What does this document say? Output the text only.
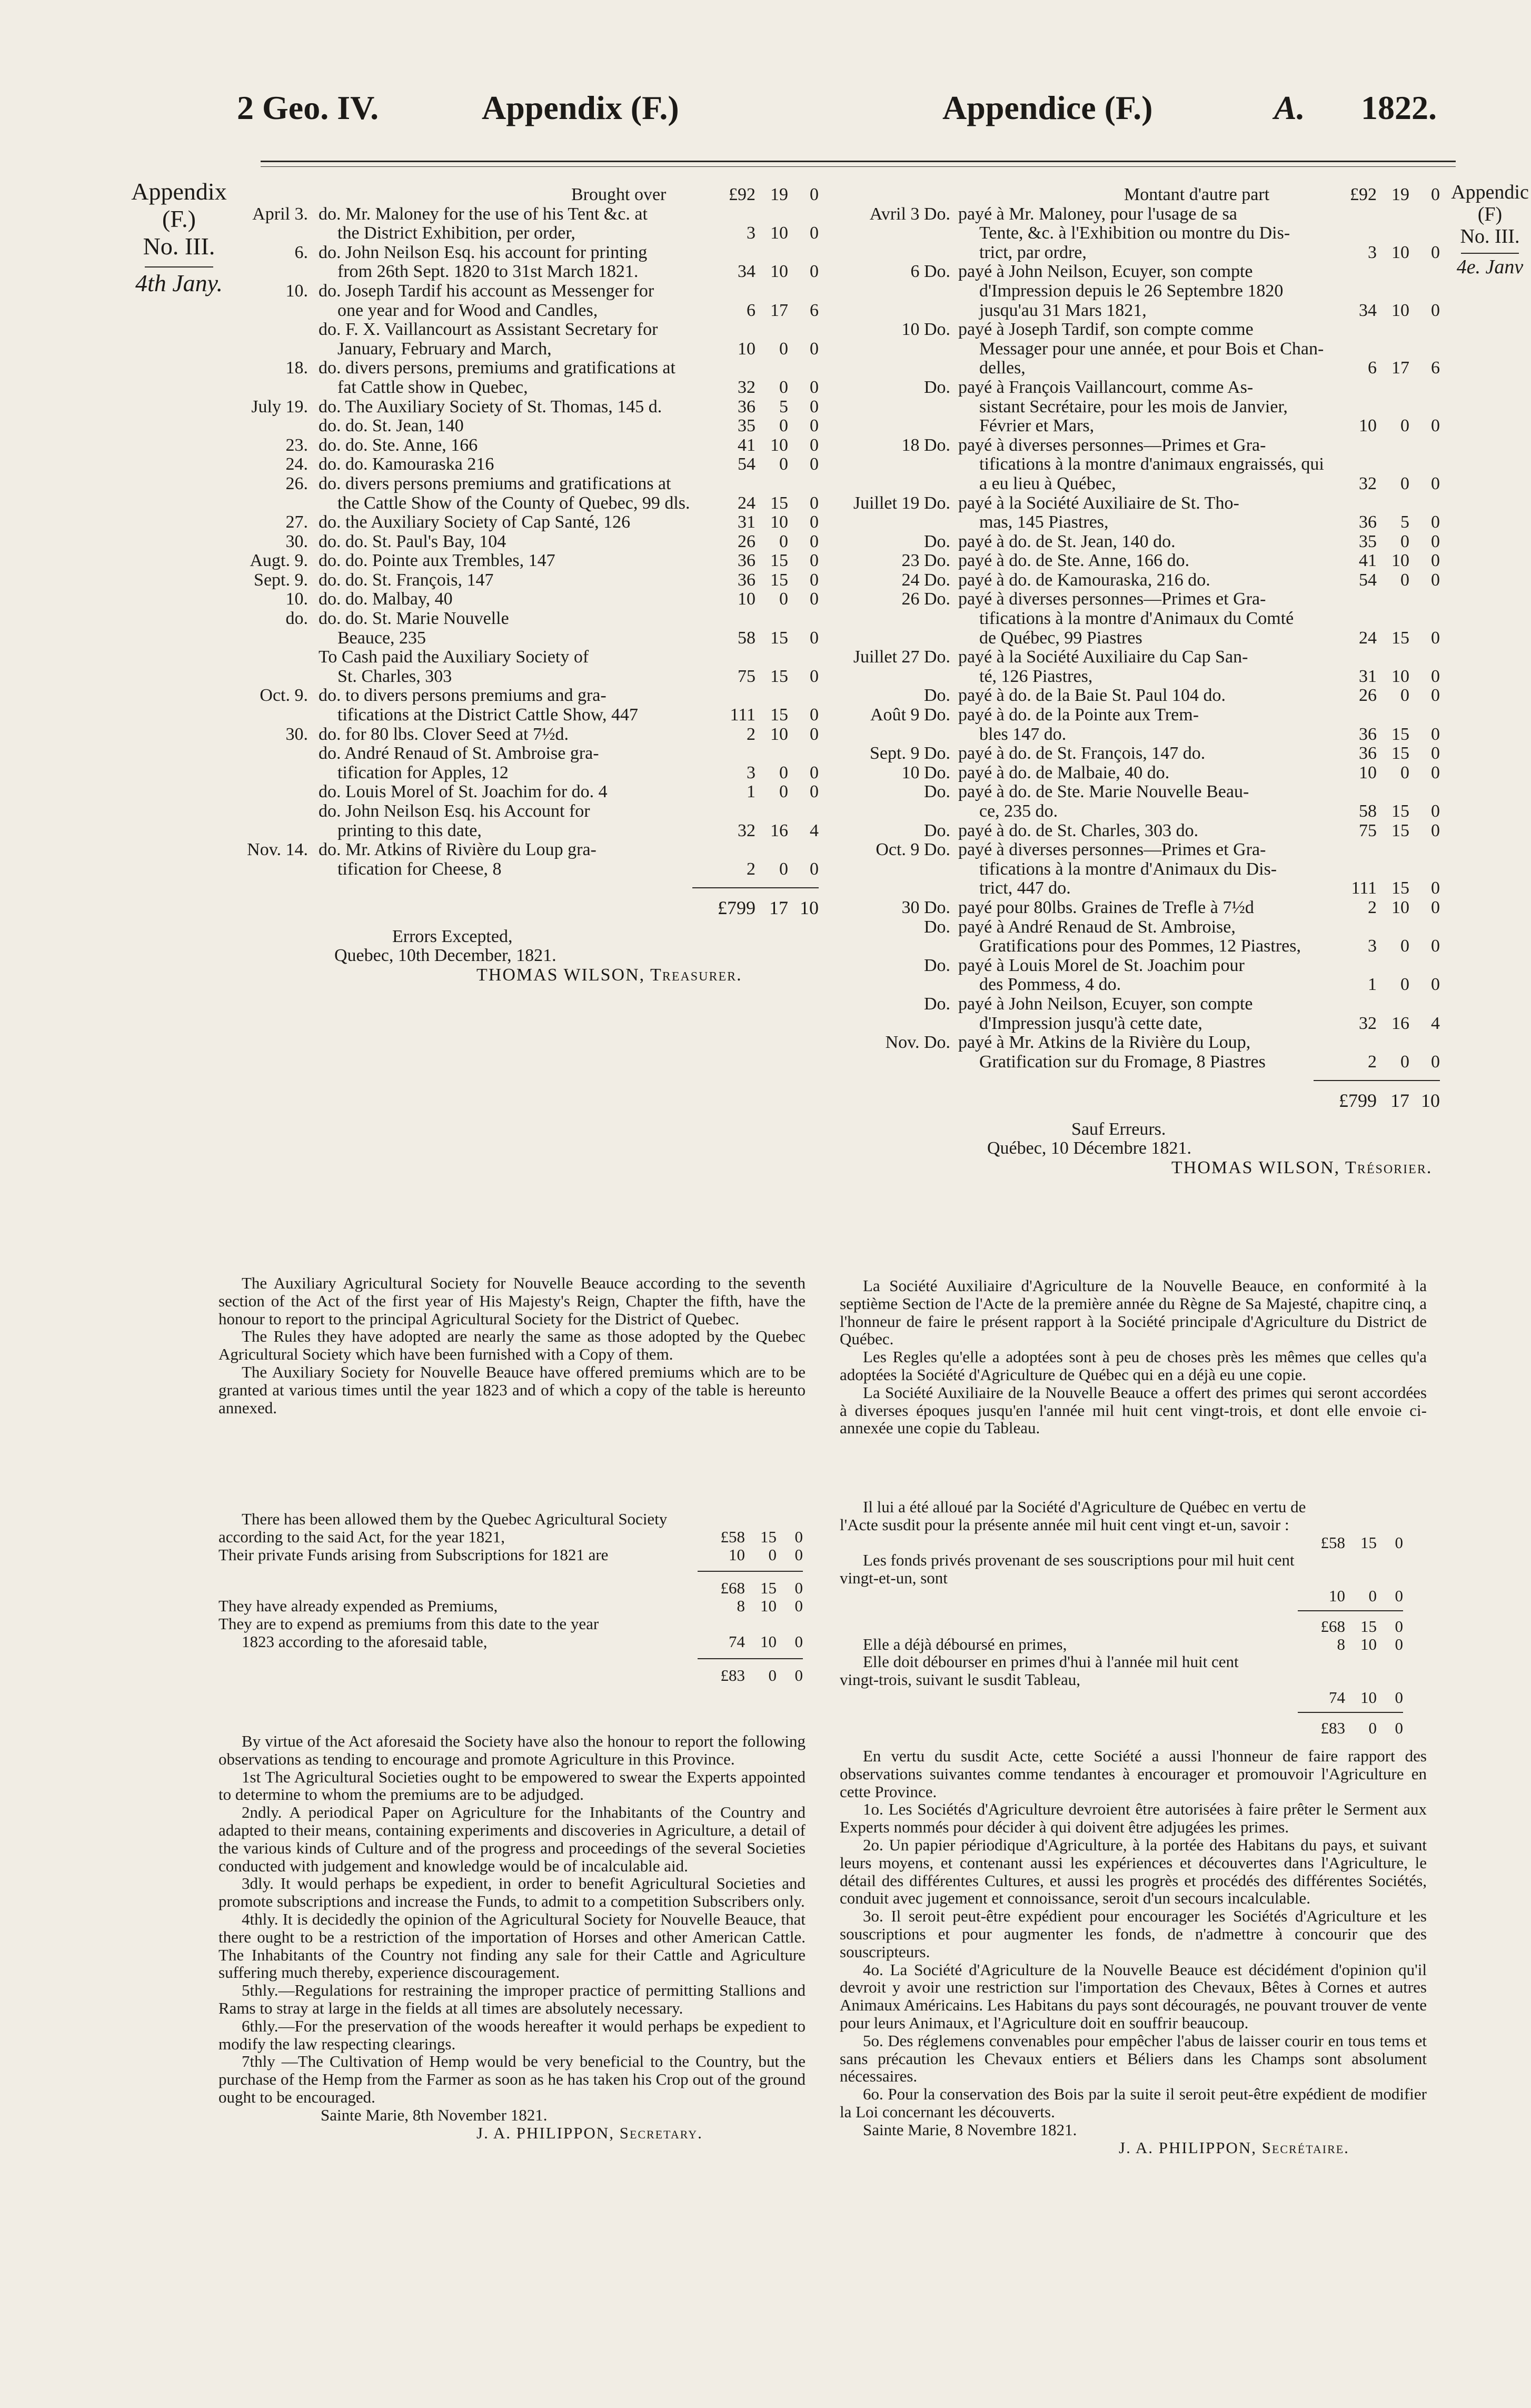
2 Geo. IV.	Appendix (F.)	Appendice (F.)	A. 1822.
Appendix
(F.)
No. III.
4th Jany.
Appendic
(F)
No. III.
4e. Janv
Brought over	£92 19	0
April 3. do. Mr. Maloney for the use of his Tent &c. at
the District Exhibition, per order,	3 10	0
6. do. John Neilson Esq. his account for printing
from 26th Sept. 1820 to 31st March 1821.	34 10	0
10. do. Joseph Tardif his account as Messenger for
one year and for Wood and Candles,	6 17	6
do. F. X. Vaillancourt as Assistant Secretary for
January, February and March,	10	0	0
18. do. divers persons, premiums and gratifications at
fat Cattle show in Quebec,	32	0	0
July 19. do. The Auxiliary Society of St. Thomas, 145 d.	36	5	0
do. do. St. Jean, 140	35	0	0
23. do. do. Ste. Anne, 166	41 10	0
24. do. do. Kamouraska 216	54	0	0
26. do. divers persons premiums and gratifications at
the Cattle Show of the County of Quebec, 99 dls.	24 15	0
27. do. the Auxiliary Society of Cap Santé, 126	31 10	0
30. do. do. St. Paul's Bay, 104	26	0	0
Augt. 9. do. do. Pointe aux Trembles, 147	36 15	0
Sept. 9. do. do. St. François, 147	36 15	0
10. do. do. Malbay, 40	10	0	0
do. do. do. St. Marie Nouvelle
Beauce, 235	58 15	0
To Cash paid the Auxiliary Society of
St. Charles, 303	75 15	0
Oct. 9. do. to divers persons premiums and gra-
tifications at the District Cattle Show, 447	111 15	0
30. do. for 80 lbs. Clover Seed at 7½d.	2 10	0
do. André Renaud of St. Ambroise gra-
tification for Apples, 12	3	0	0
do. Louis Morel of St. Joachim for do. 4	1	0	0
do. John Neilson Esq. his Account for
printing to this date,	32 16	4
Nov. 14. do. Mr. Atkins of Rivière du Loup gra-
tification for Cheese, 8	2	0	0
£799 17 10
Errors Excepted,
Quebec, 10th December, 1821.
THOMAS WILSON, Treasurer.
Montant d'autre part	£92 19	0
Avril 3 Do. payé à Mr. Maloney, pour l'usage de sa
Tente, &c. à l'Exhibition ou montre du Dis-
trict, par ordre,	3 10	0
6 Do. payé à John Neilson, Ecuyer, son compte
d'Impression depuis le 26 Septembre 1820
jusqu'au 31 Mars 1821,	34 10	0
10 Do. payé à Joseph Tardif, son compte comme
Messager pour une année, et pour Bois et Chan-
delles,	6 17	6
Do. payé à François Vaillancourt, comme As-
sistant Secrétaire, pour les mois de Janvier,
Février et Mars,	10	0	0
18 Do. payé à diverses personnes—Primes et Gra-
tifications à la montre d'animaux engraissés, qui
a eu lieu à Québec,	32	0	0
Juillet 19 Do. payé à la Société Auxiliaire de St. Tho-
mas, 145 Piastres,	36	5	0
Do. payé à do. de St. Jean, 140 do.	35	0	0
23 Do. payé à do. de Ste. Anne, 166 do.	41 10	0
24 Do. payé à do. de Kamouraska, 216 do.	54	0	0
26 Do. payé à diverses personnes—Primes et Gra-
tifications à la montre d'Animaux du Comté
de Québec, 99 Piastres	24 15	0
Juillet 27 Do. payé à la Société Auxiliaire du Cap San-
té, 126 Piastres,	31 10	0
Do. payé à do. de la Baie St. Paul 104 do.	26	0	0
Août 9 Do. payé à do. de la Pointe aux Trem-
bles 147 do.	36 15	0
Sept. 9 Do. payé à do. de St. François, 147 do.	36 15	0
10 Do. payé à do. de Malbaie, 40 do.	10	0	0
Do. payé à do. de Ste. Marie Nouvelle Beau-
ce, 235 do.	58 15	0
Do. payé à do. de St. Charles, 303 do.	75 15	0
Oct. 9 Do. payé à diverses personnes—Primes et Gra-
tifications à la montre d'Animaux du Dis-
trict, 447 do.	111 15	0
30 Do. payé pour 80lbs. Graines de Trefle à 7½d	2 10	0
Do. payé à André Renaud de St. Ambroise,
Gratifications pour des Pommes, 12 Piastres,	3	0	0
Do. payé à Louis Morel de St. Joachim pour
des Pommess, 4 do.	1	0	0
Do. payé à John Neilson, Ecuyer, son compte
d'Impression jusqu'à cette date,	32 16	4
Nov. Do. payé à Mr. Atkins de la Rivière du Loup,
Gratification sur du Fromage, 8 Piastres	2	0	0
£799 17 10
Sauf Erreurs.
Québec, 10 Décembre 1821.
THOMAS WILSON, Trésorier.

The Auxiliary Agricultural Society for Nouvelle Beauce according to the seventh section of the Act of the first year of His Majesty's Reign, Chapter the fifth, have the honour to report to the principal Agricultural Society for the District of Quebec.

The Rules they have adopted are nearly the same as those adopted by the Quebec Agricultural Society which have been furnished with a Copy of them.

The Auxiliary Society for Nouvelle Beauce have offered premiums which are to be granted at various times until the year 1823 and of which a copy of the table is hereunto annexed.

There has been allowed them by the Quebec Agricultural Society
according to the said Act, for the year 1821,	£58 15	0
Their private Funds arising from Subscriptions for 1821 are	10	0	0
£68 15	0
They have already expended as Premiums,	8 10	0
They are to expend as premiums from this date to the year
1823 according to the aforesaid table,	74 10	0
£83	0	0

By virtue of the Act aforesaid the Society have also the honour to report the following observations as tending to encourage and promote Agriculture in this Province.

1st The Agricultural Societies ought to be empowered to swear the Experts appointed to determine to whom the premiums are to be adjudged.

2ndly. A periodical Paper on Agriculture for the Inhabitants of the Country and adapted to their means, containing experiments and discoveries in Agriculture, a detail of the various kinds of Culture and of the progress and proceedings of the several Societies conducted with judgement and knowledge would be of incalculable aid.

3dly. It would perhaps be expedient, in order to benefit Agricultural Societies and promote subscriptions and increase the Funds, to admit to a competition Subscribers only.

4thly. It is decidedly the opinion of the Agricultural Society for Nouvelle Beauce, that there ought to be a restriction of the importation of Horses and other American Cattle. The Inhabitants of the Country not finding any sale for their Cattle and Agriculture suffering much thereby, experience discouragement.

5thly.—Regulations for restraining the improper practice of permitting Stallions and Rams to stray at large in the fields at all times are absolutely necessary.

6thly.—For the preservation of the woods hereafter it would perhaps be expedient to modify the law respecting clearings.

7thly —The Cultivation of Hemp would be very beneficial to the Country, but the purchase of the Hemp from the Farmer as soon as he has taken his Crop out of the ground ought to be encouraged.

Sainte Marie, 8th November 1821.

J. A. PHILIPPON, Secretary.

La Société Auxiliaire d'Agriculture de la Nouvelle Beauce, en conformité à la septième Section de l'Acte de la première année du Règne de Sa Majesté, chapitre cinq, a l'honneur de faire le présent rapport à la Société principale d'Agriculture du District de Québec.

Les Regles qu'elle a adoptées sont à peu de choses près les mêmes que celles qu'a adoptées la Société d'Agriculture de Québec qui en a déjà eu une copie.

La Société Auxiliaire de la Nouvelle Beauce a offert des primes qui seront accordées à diverses époques jusqu'en l'année mil huit cent vingt-trois, et dont elle envoie ci-annexée une copie du Tableau.

Il lui a été alloué par la Société d'Agriculture de Québec en vertu de l'Acte susdit pour la présente année mil huit cent vingt et-un, savoir :
£58 15	0
Les fonds privés provenant de ses souscriptions pour mil huit cent vingt-et-un, sont
10	0	0
£68 15	0
Elle a déjà déboursé en primes,	8 10	0
Elle doit débourser en primes d'hui à l'année mil huit cent vingt-trois, suivant le susdit Tableau,
74 10	0
£83	0	0

En vertu du susdit Acte, cette Société a aussi l'honneur de faire rapport des observations suivantes comme tendantes à encourager et promouvoir l'Agriculture en cette Province.

1o. Les Sociétés d'Agriculture devroient être autorisées à faire prêter le Serment aux Experts nommés pour décider à qui doivent être adjugées les primes.

2o. Un papier périodique d'Agriculture, à la portée des Habitans du pays, et suivant leurs moyens, et contenant aussi les expériences et découvertes dans l'Agriculture, le détail des différentes Cultures, et aussi les progrès et procédés des différentes Sociétés, conduit avec jugement et connoissance, seroit d'un secours incalculable.

3o. Il seroit peut-être expédient pour encourager les Sociétés d'Agriculture et les souscriptions et pour augmenter les fonds, de n'admettre à concourir que des souscripteurs.

4o. La Société d'Agriculture de la Nouvelle Beauce est décidément d'opinion qu'il devroit y avoir une restriction sur l'importation des Chevaux, Bêtes à Cornes et autres Animaux Américains. Les Habitans du pays sont découragés, ne pouvant trouver de vente pour leurs Animaux, et l'Agriculture doit en souffrir beaucoup.

5o. Des réglemens convenables pour empêcher l'abus de laisser courir en tous tems et sans précaution les Chevaux entiers et Béliers dans les Champs sont absolument nécessaires.

6o. Pour la conservation des Bois par la suite il seroit peut-être expédient de modifier la Loi concernant les découverts.

Sainte Marie, 8 Novembre 1821.

J. A. PHILIPPON, Secrétaire.
